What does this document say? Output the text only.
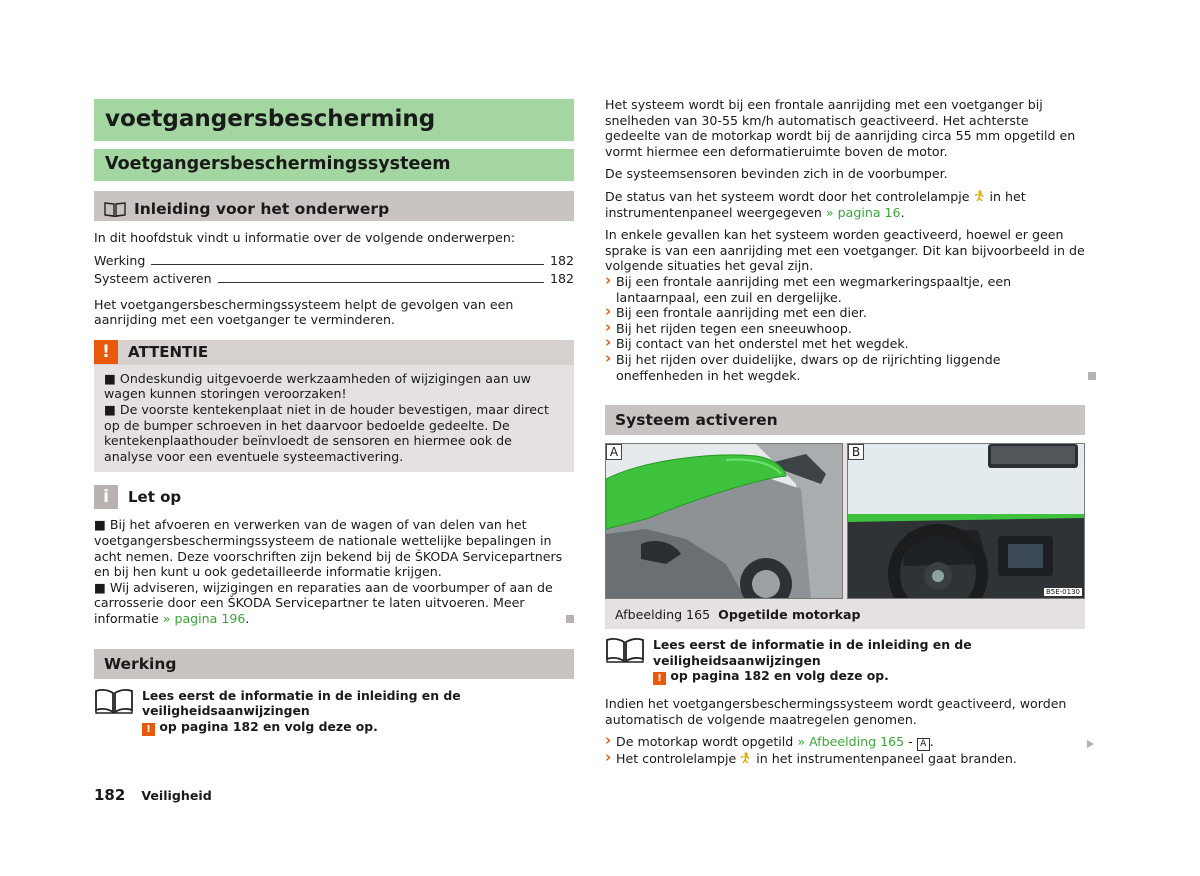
voetgangersbescherming
Voetgangersbeschermingssysteem
Inleiding voor het onderwerp

In dit hoofdstuk vindt u informatie over de volgende onderwerpen:

Werking	182
Systeem activeren	182

Het voetgangersbeschermingssysteem helpt de gevolgen van een aanrijding met een voetganger te verminderen.

!	ATTENTIE

■ Ondeskundig uitgevoerde werkzaamheden of wijzigingen aan uw wagen kunnen storingen veroorzaken!

■ De voorste kentekenplaat niet in de houder bevestigen, maar direct op de bumper schroeven in het daarvoor bedoelde gedeelte. De kentekenplaathouder beïnvloedt de sensoren en hiermee ook de analyse voor een eventuele systeemactivering.

i	Let op

■ Bij het afvoeren en verwerken van de wagen of van delen van het voetgangersbeschermingssysteem de nationale wettelijke bepalingen in acht nemen. Deze voorschriften zijn bekend bij de ŠKODA Servicepartners en bij hen kunt u ook gedetailleerde informatie krijgen.

■ Wij adviseren, wijzigingen en reparaties aan de voorbumper of aan de carrosserie door een ŠKODA Servicepartner te laten uitvoeren. Meer informatie » pagina 196.

Werking

Lees eerst de informatie in de inleiding en de veiligheidsaanwijzingen
! op pagina 182 en volg deze op.

Het systeem wordt bij een frontale aanrijding met een voetganger bij snelheden van 30-55 km/h automatisch geactiveerd. Het achterste gedeelte van de motorkap wordt bij de aanrijding circa 55 mm opgetild en vormt hiermee een deformatieruimte boven de motor.

De systeemsensoren bevinden zich in de voorbumper.

De status van het systeem wordt door het controlelampje  in het instrumentenpaneel weergegeven » pagina 16.

In enkele gevallen kan het systeem worden geactiveerd, hoewel er geen sprake is van een aanrijding met een voetganger. Dit kan bijvoorbeeld in de volgende situaties het geval zijn.

› Bij een frontale aanrijding met een wegmarkeringspaaltje, een lantaarnpaal, een zuil en dergelijke.
› Bij een frontale aanrijding met een dier.
› Bij het rijden tegen een sneeuwhoop.
› Bij contact van het onderstel met het wegdek.
› Bij het rijden over duidelijke, dwars op de rijrichting liggende oneffenheden in het wegdek.
Systeem activeren
A	B
B5E-0130
Afbeelding 165 Opgetilde motorkap

Lees eerst de informatie in de inleiding en de veiligheidsaanwijzingen
! op pagina 182 en volg deze op.

Indien het voetgangersbeschermingssysteem wordt geactiveerd, worden automatisch de volgende maatregelen genomen.

› De motorkap wordt opgetild » Afbeelding 165 - A .
› Het controlelampje  in het instrumentenpaneel gaat branden.
182 Veiligheid
